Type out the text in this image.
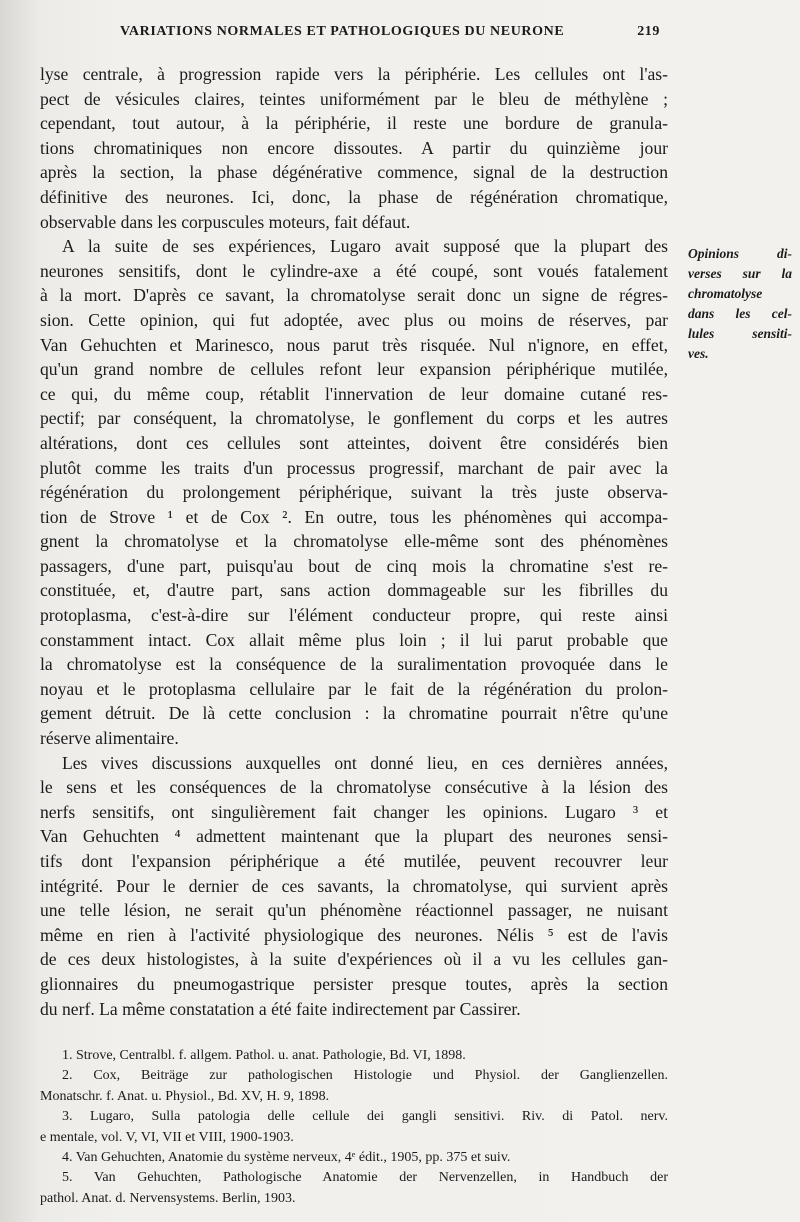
VARIATIONS NORMALES ET PATHOLOGIQUES DU NEURONE	219
lyse centrale, à progression rapide vers la périphérie. Les cellules ont l'as-
pect de vésicules claires, teintes uniformément par le bleu de méthylène ;
cependant, tout autour, à la périphérie, il reste une bordure de granula-
tions chromatiniques non encore dissoutes. A partir du quinzième jour
après la section, la phase dégénérative commence, signal de la destruction
définitive des neurones. Ici, donc, la phase de régénération chromatique,
observable dans les corpuscules moteurs, fait défaut.
A la suite de ses expériences, Lugaro avait supposé que la plupart des
neurones sensitifs, dont le cylindre-axe a été coupé, sont voués fatalement
à la mort. D'après ce savant, la chromatolyse serait donc un signe de régres-
sion. Cette opinion, qui fut adoptée, avec plus ou moins de réserves, par
Van Gehuchten et Marinesco, nous parut très risquée. Nul n'ignore, en effet,
qu'un grand nombre de cellules refont leur expansion périphérique mutilée,
ce qui, du même coup, rétablit l'innervation de leur domaine cutané res-
pectif; par conséquent, la chromatolyse, le gonflement du corps et les autres
altérations, dont ces cellules sont atteintes, doivent être considérés bien
plutôt comme les traits d'un processus progressif, marchant de pair avec la
régénération du prolongement périphérique, suivant la très juste observa-
tion de Strove ¹ et de Cox ². En outre, tous les phénomènes qui accompa-
gnent la chromatolyse et la chromatolyse elle-même sont des phénomènes
passagers, d'une part, puisqu'au bout de cinq mois la chromatine s'est re-
constituée, et, d'autre part, sans action dommageable sur les fibrilles du
protoplasma, c'est-à-dire sur l'élément conducteur propre, qui reste ainsi
constamment intact. Cox allait même plus loin ; il lui parut probable que
la chromatolyse est la conséquence de la suralimentation provoquée dans le
noyau et le protoplasma cellulaire par le fait de la régénération du prolon-
gement détruit. De là cette conclusion : la chromatine pourrait n'être qu'une
réserve alimentaire.
Les vives discussions auxquelles ont donné lieu, en ces dernières années,
le sens et les conséquences de la chromatolyse consécutive à la lésion des
nerfs sensitifs, ont singulièrement fait changer les opinions. Lugaro ³ et
Van Gehuchten ⁴ admettent maintenant que la plupart des neurones sensi-
tifs dont l'expansion périphérique a été mutilée, peuvent recouvrer leur
intégrité. Pour le dernier de ces savants, la chromatolyse, qui survient après
une telle lésion, ne serait qu'un phénomène réactionnel passager, ne nuisant
même en rien à l'activité physiologique des neurones. Nélis ⁵ est de l'avis
de ces deux histologistes, à la suite d'expériences où il a vu les cellules gan-
glionnaires du pneumogastrique persister presque toutes, après la section
du nerf. La même constatation a été faite indirectement par Cassirer.
Opinions di-
verses sur la
chromatolyse
dans les cel-
lules sensiti-
ves.
1. Strove, Centralbl. f. allgem. Pathol. u. anat. Pathologie, Bd. VI, 1898.
2. Cox, Beiträge zur pathologischen Histologie und Physiol. der Ganglienzellen.
Monatschr. f. Anat. u. Physiol., Bd. XV, H. 9, 1898.
3. Lugaro, Sulla patologia delle cellule dei gangli sensitivi. Riv. di Patol. nerv.
e mentale, vol. V, VI, VII et VIII, 1900-1903.
4. Van Gehuchten, Anatomie du système nerveux, 4ᵉ édit., 1905, pp. 375 et suiv.
5. Van Gehuchten, Pathologische Anatomie der Nervenzellen, in Handbuch der
pathol. Anat. d. Nervensystems. Berlin, 1903.
